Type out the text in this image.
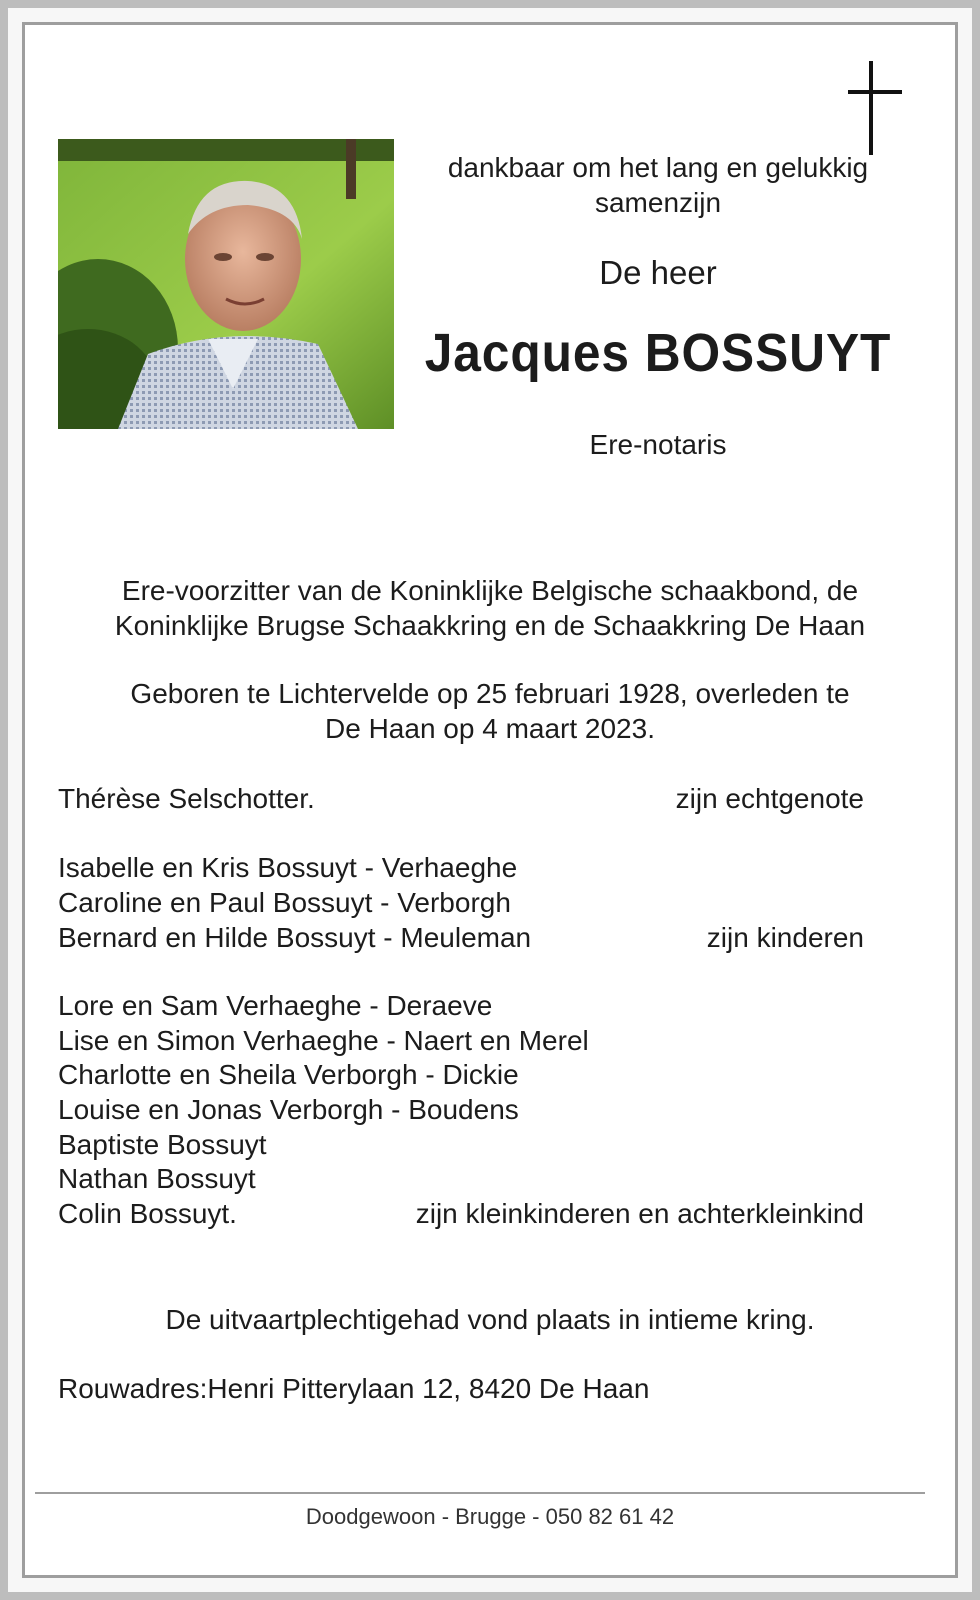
dankbaar om het lang en gelukkig
samenzijn
De heer
Jacques BOSSUYT
Ere-notaris
Ere-voorzitter van de Koninklijke Belgische schaakbond, de
Koninklijke Brugse Schaakkring en de Schaakkring De Haan
Geboren te Lichtervelde op 25 februari 1928, overleden te
De Haan op 4 maart 2023.
Thérèse Selschotter.	zijn echtgenote
Isabelle en Kris Bossuyt - Verhaeghe
Caroline en Paul Bossuyt - Verborgh
Bernard en Hilde Bossuyt - Meuleman	zijn kinderen
Lore en Sam Verhaeghe - Deraeve
Lise en Simon Verhaeghe - Naert en Merel
Charlotte en Sheila Verborgh - Dickie
Louise en Jonas Verborgh - Boudens
Baptiste Bossuyt
Nathan Bossuyt
Colin Bossuyt.	zijn kleinkinderen en achterkleinkind
De uitvaartplechtigehad vond plaats in intieme kring.
Rouwadres:Henri Pitterylaan 12, 8420 De Haan
Doodgewoon - Brugge - 050 82 61 42
